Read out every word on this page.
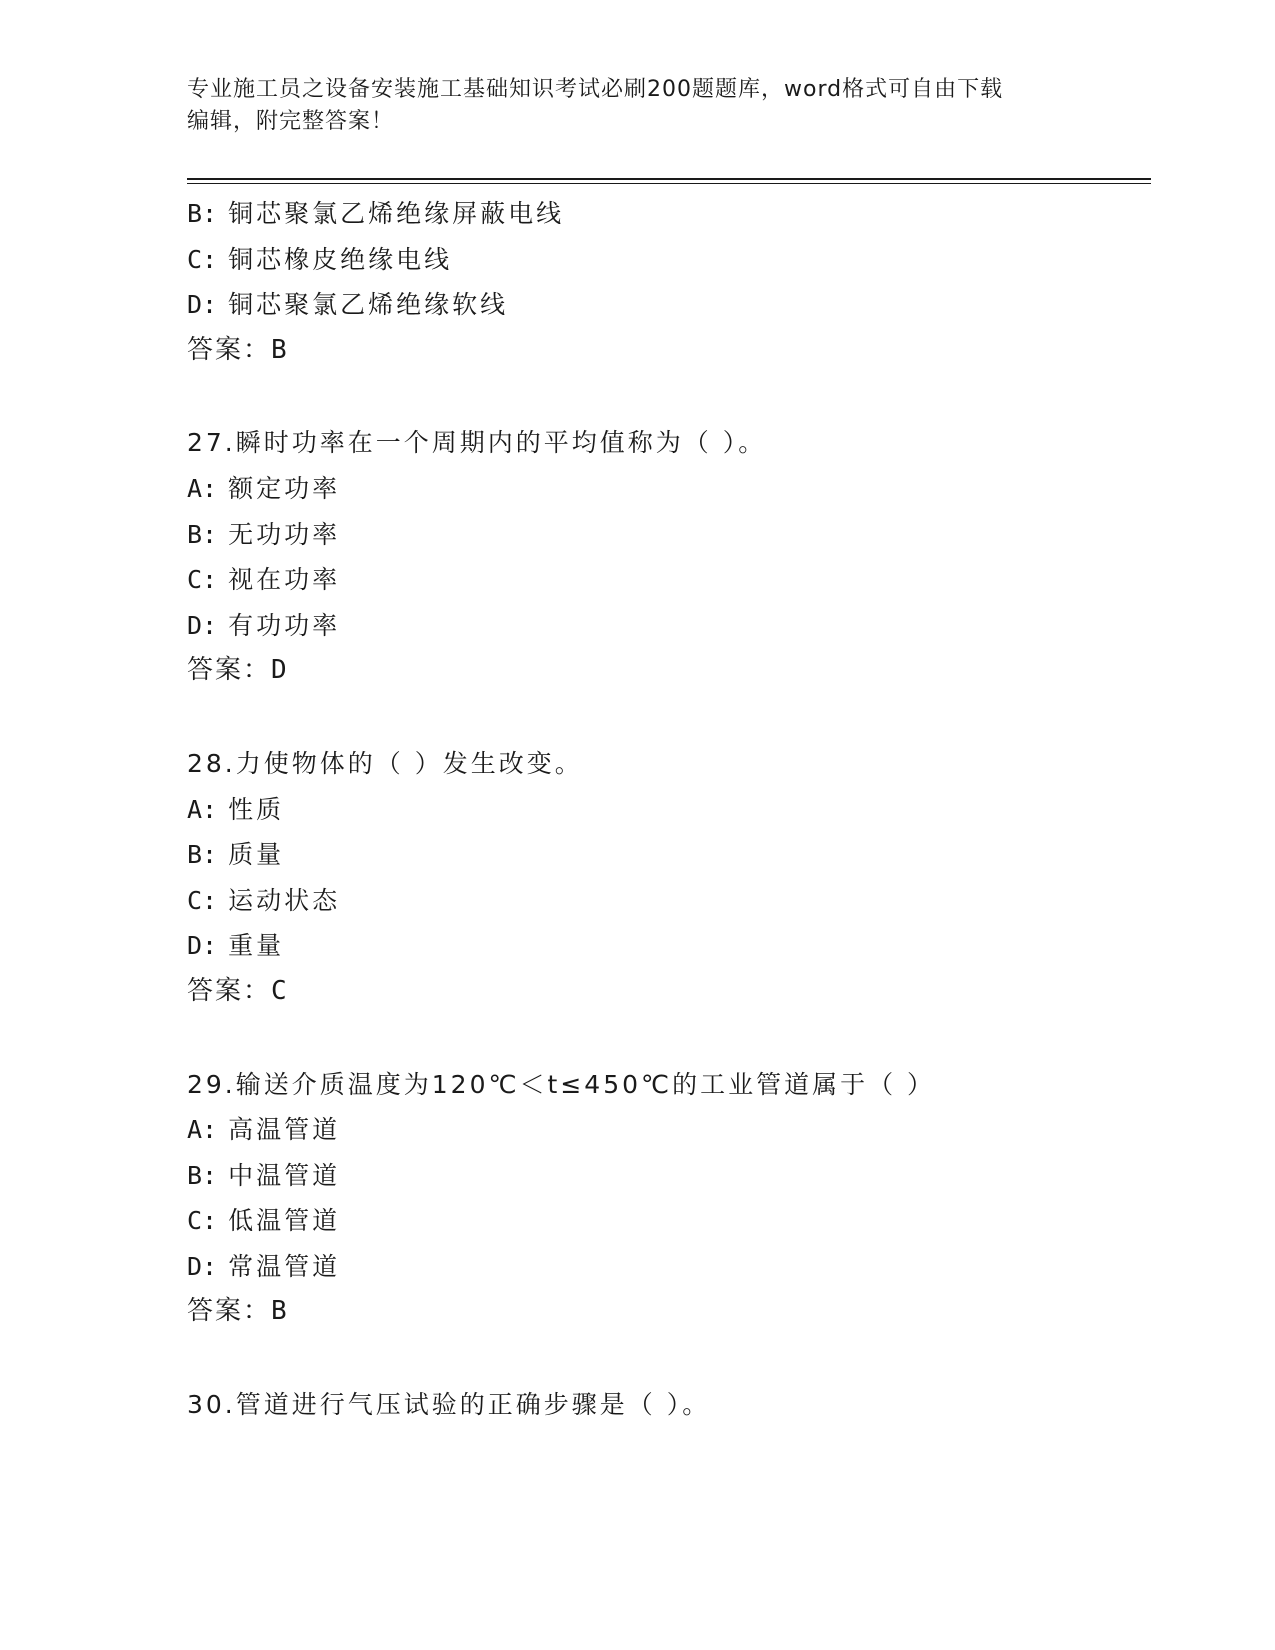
专业施工员之设备安装施工基础知识考试必刷200题题库，word格式可自由下载
编辑，附完整答案！
B: 铜芯聚氯乙烯绝缘屏蔽电线
C: 铜芯橡皮绝缘电线
D: 铜芯聚氯乙烯绝缘软线
答案：B
27.瞬时功率在一个周期内的平均值称为（ ）。
A: 额定功率
B: 无功功率
C: 视在功率
D: 有功功率
答案：D
28.力使物体的（ ）发生改变。
A: 性质
B: 质量
C: 运动状态
D: 重量
答案：C
29.输送介质温度为120℃＜t≤450℃的工业管道属于（ ）
A: 高温管道
B: 中温管道
C: 低温管道
D: 常温管道
答案：B
30.管道进行气压试验的正确步骤是（ ）。
